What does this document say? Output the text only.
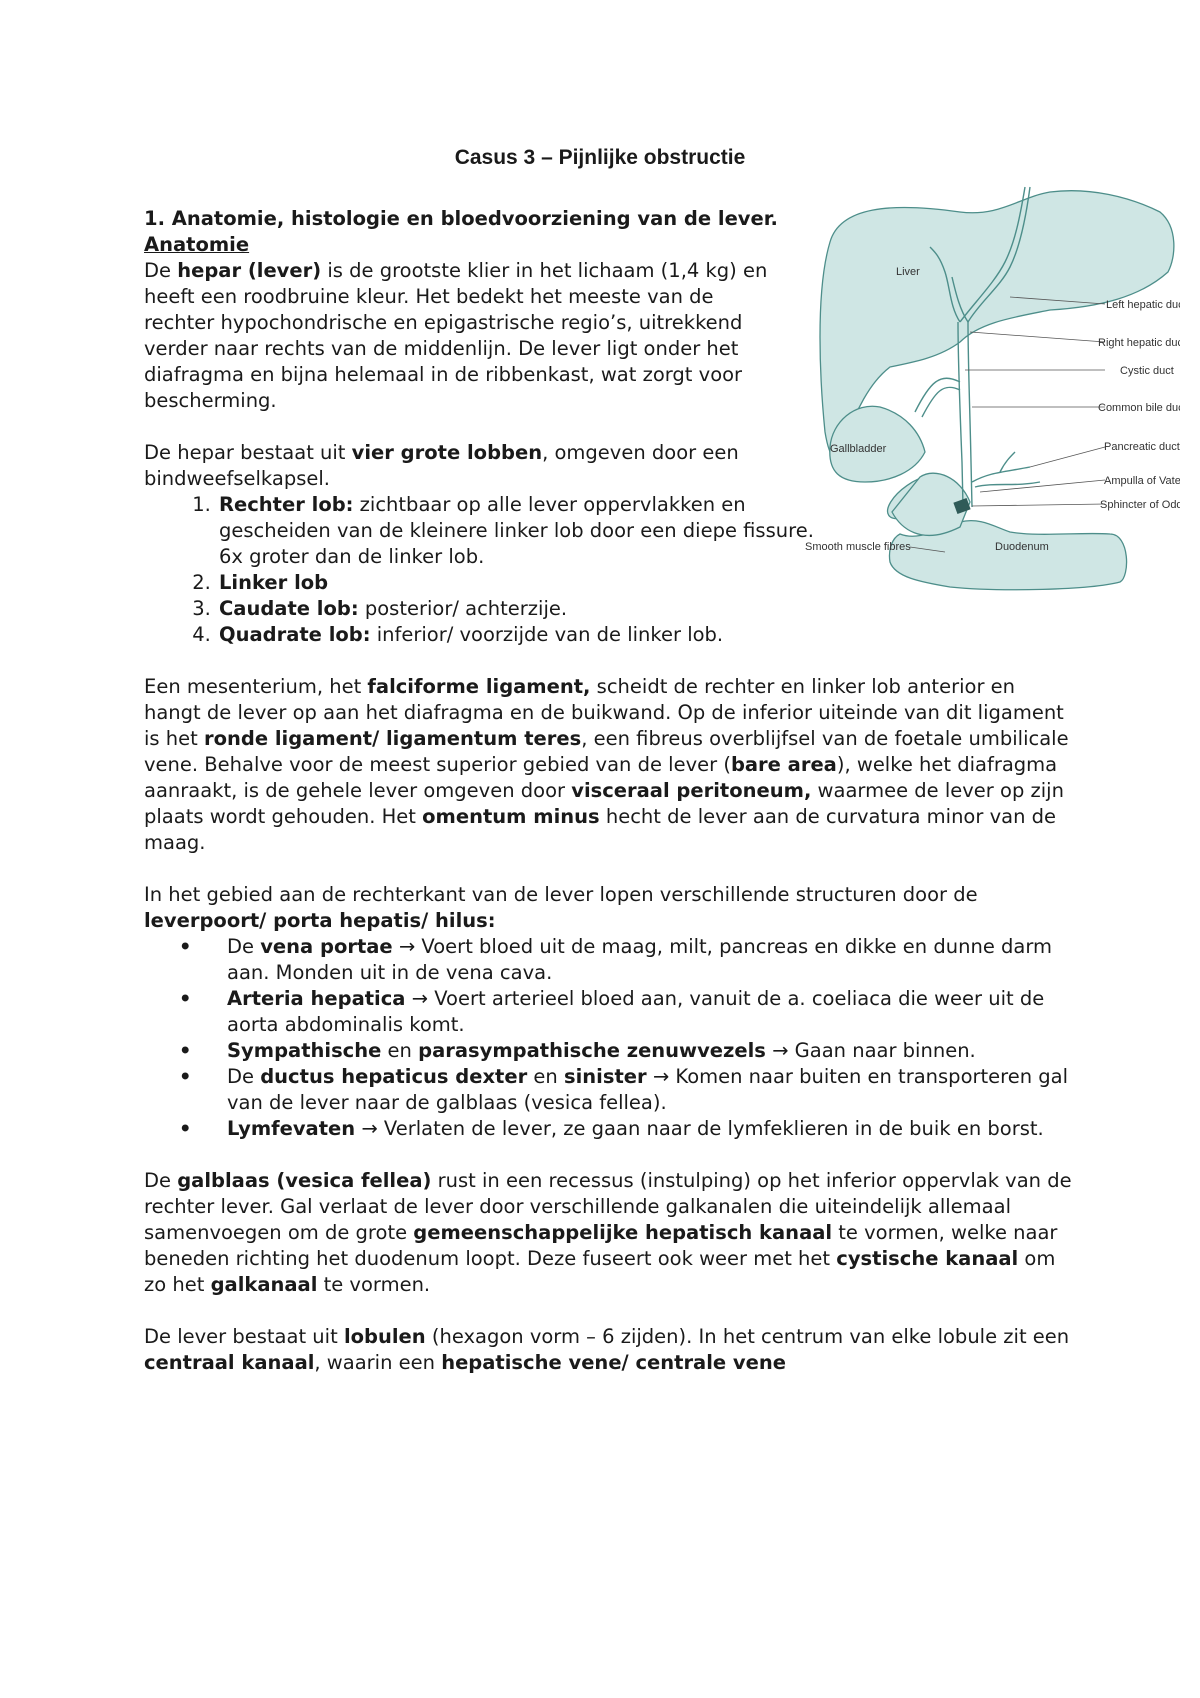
Casus 3 – Pijnlijke obstructie
1. Anatomie, histologie en bloedvoorziening van de lever.

Anatomie

De hepar (lever) is de grootste klier in het lichaam (1,4 kg) en heeft een roodbruine kleur. Het bedekt het meeste van de rechter hypochondrische en epigastrische regio’s, uitrekkend verder naar rechts van de middenlijn. De lever ligt onder het diafragma en bijna helemaal in de ribbenkast, wat zorgt voor bescherming.

De hepar bestaat uit vier grote lobben, omgeven door een bindweefselkapsel.

1. Rechter lob: zichtbaar op alle lever oppervlakken en gescheiden van de kleinere linker lob door een diepe fissure. 6x groter dan de linker lob.
2. Linker lob
3. Caudate lob: posterior/ achterzije.
4. Quadrate lob: inferior/ voorzijde van de linker lob.

Een mesenterium, het falciforme ligament, scheidt de rechter en linker lob anterior en hangt de lever op aan het diafragma en de buikwand. Op de inferior uiteinde van dit ligament is het ronde ligament/ ligamentum teres, een fibreus overblijfsel van de foetale umbilicale vene. Behalve voor de meest superior gebied van de lever (bare area), welke het diafragma aanraakt, is de gehele lever omgeven door visceraal peritoneum, waarmee de lever op zijn plaats wordt gehouden. Het omentum minus hecht de lever aan de curvatura minor van de maag.

In het gebied aan de rechterkant van de lever lopen verschillende structuren door de leverpoort/ porta hepatis/ hilus:

• De vena portae → Voert bloed uit de maag, milt, pancreas en dikke en dunne darm aan. Monden uit in de vena cava.
• Arteria hepatica → Voert arterieel bloed aan, vanuit de a. coeliaca die weer uit de aorta abdominalis komt.
• Sympathische en parasympathische zenuwvezels → Gaan naar binnen.
• De ductus hepaticus dexter en sinister → Komen naar buiten en transporteren gal van de lever naar de galblaas (vesica fellea).
• Lymfevaten → Verlaten de lever, ze gaan naar de lymfeklieren in de buik en borst.

De galblaas (vesica fellea) rust in een recessus (instulping) op het inferior oppervlak van de rechter lever. Gal verlaat de lever door verschillende galkanalen die uiteindelijk allemaal samenvoegen om de grote gemeenschappelijke hepatisch kanaal te vormen, welke naar beneden richting het duodenum loopt. Deze fuseert ook weer met het cystische kanaal om zo het galkanaal te vormen.

De lever bestaat uit lobulen (hexagon vorm – 6 zijden). In het centrum van elke lobule zit een centraal kanaal, waarin een hepatische vene/ centrale vene

Liver
Left hepatic duct
Right hepatic duct
Cystic duct
Common bile duct
Gallbladder	Pancreatic duct
Ampulla of Vater
Sphincter of Oddi
Smooth muscle fibres	Duodenum
